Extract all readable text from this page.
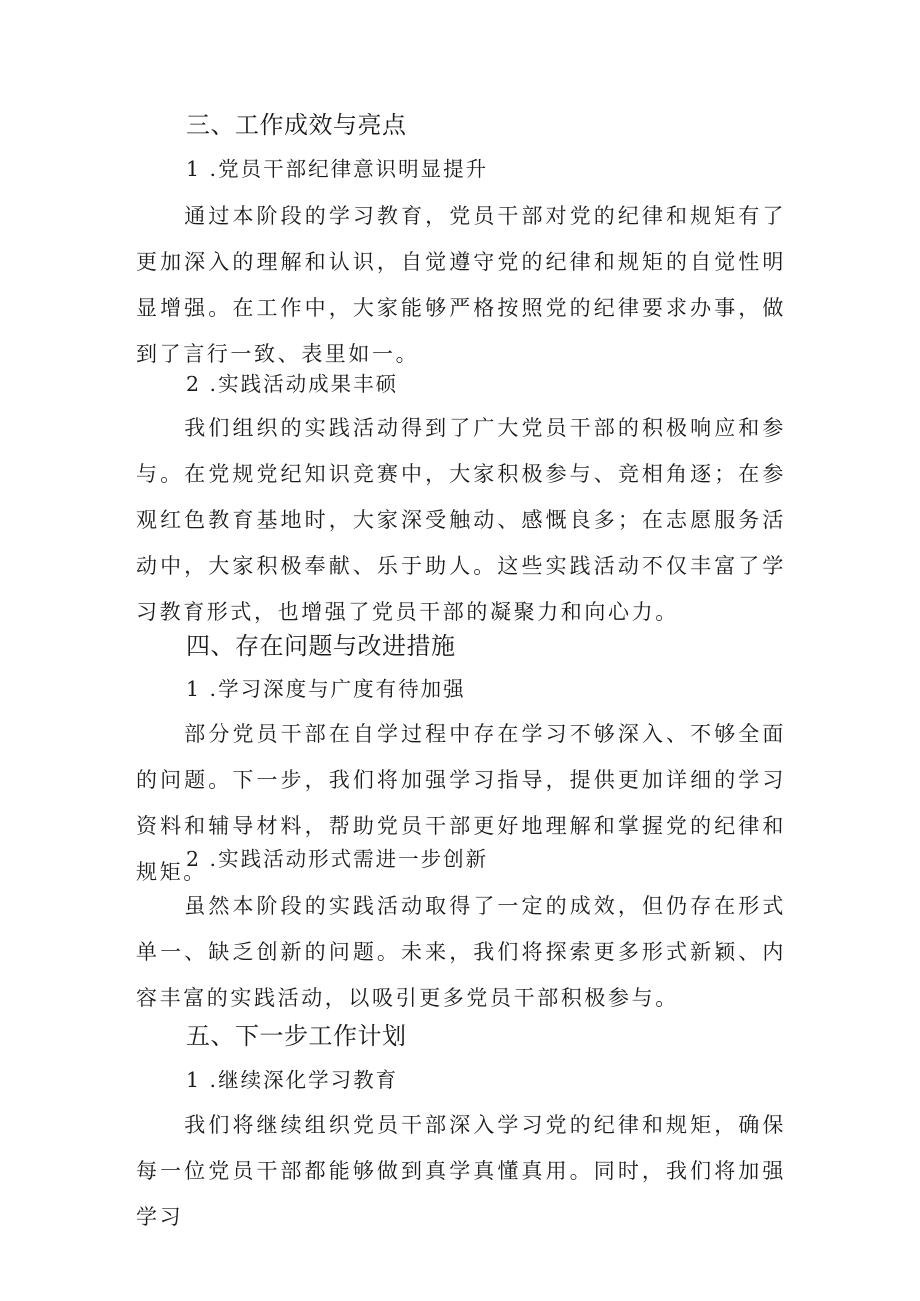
三、工作成效与亮点
1 .党员干部纪律意识明显提升

通过本阶段的学习教育，党员干部对党的纪律和规矩有了更加深入的理解和认识，自觉遵守党的纪律和规矩的自觉性明显增强。在工作中，大家能够严格按照党的纪律要求办事，做到了言行一致、表里如一。

2 .实践活动成果丰硕

我们组织的实践活动得到了广大党员干部的积极响应和参与。在党规党纪知识竞赛中，大家积极参与、竞相角逐；在参观红色教育基地时，大家深受触动、感慨良多；在志愿服务活动中，大家积极奉献、乐于助人。这些实践活动不仅丰富了学习教育形式，也增强了党员干部的凝聚力和向心力。

四、存在问题与改进措施
1 .学习深度与广度有待加强

部分党员干部在自学过程中存在学习不够深入、不够全面的问题。下一步，我们将加强学习指导，提供更加详细的学习资料和辅导材料，帮助党员干部更好地理解和掌握党的纪律和规矩。

2 .实践活动形式需进一步创新

虽然本阶段的实践活动取得了一定的成效，但仍存在形式单一、缺乏创新的问题。未来，我们将探索更多形式新颖、内容丰富的实践活动，以吸引更多党员干部积极参与。

五、下一步工作计划
1 .继续深化学习教育

我们将继续组织党员干部深入学习党的纪律和规矩，确保每一位党员干部都能够做到真学真懂真用。同时，我们将加强学习
